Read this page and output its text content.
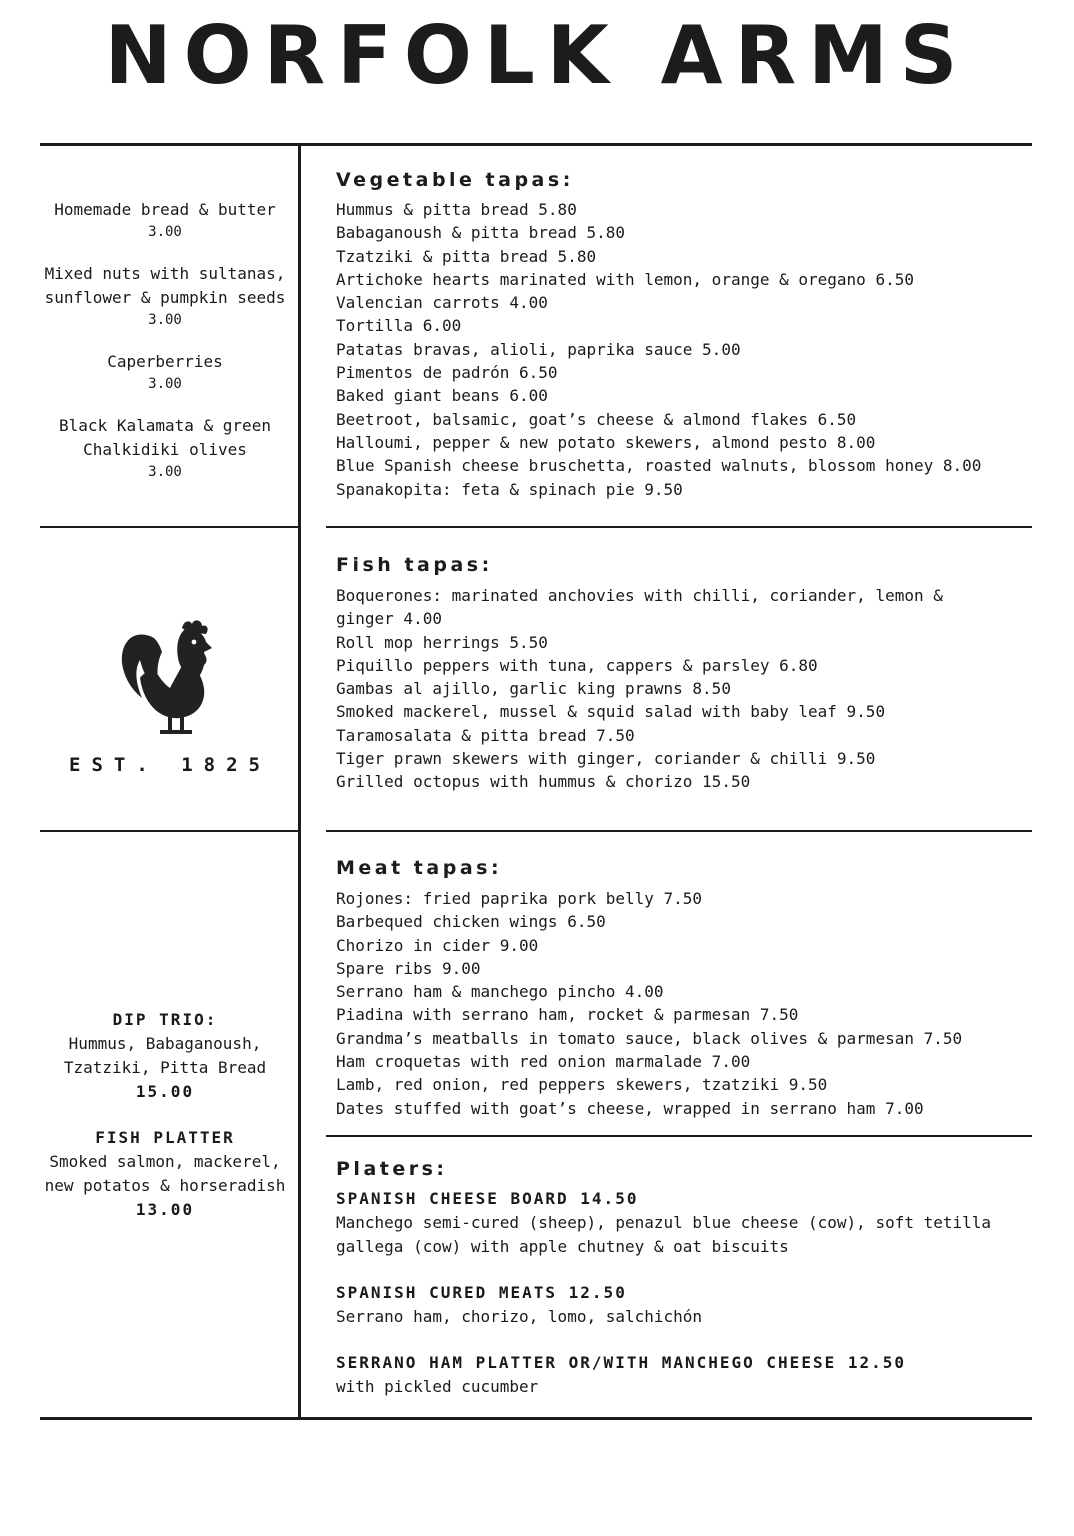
NORFOLK ARMS
Homemade bread & butter
3.00
Mixed nuts with sultanas, sunflower & pumpkin seeds
3.00
Caperberries
3.00
Black Kalamata & green Chalkidiki olives
3.00
EST. 1825
DIP TRIO:
Hummus, Babaganoush, Tzatziki, Pitta Bread
15.00
FISH PLATTER
Smoked salmon, mackerel, new potatos & horseradish
13.00
Vegetable tapas:
Hummus & pitta bread 5.80
Babaganoush & pitta bread 5.80
Tzatziki & pitta bread 5.80
Artichoke hearts marinated with lemon, orange & oregano 6.50
Valencian carrots 4.00
Tortilla 6.00
Patatas bravas, alioli, paprika sauce 5.00
Pimentos de padrón 6.50
Baked giant beans 6.00
Beetroot, balsamic, goat’s cheese & almond flakes 6.50
Halloumi, pepper & new potato skewers, almond pesto 8.00
Blue Spanish cheese bruschetta, roasted walnuts, blossom honey 8.00
Spanakopita: feta & spinach pie 9.50
Fish tapas:
Boquerones: marinated anchovies with chilli, coriander, lemon &
ginger 4.00
Roll mop herrings 5.50
Piquillo peppers with tuna, cappers & parsley 6.80
Gambas al ajillo, garlic king prawns 8.50
Smoked mackerel, mussel & squid salad with baby leaf 9.50
Taramosalata & pitta bread 7.50
Tiger prawn skewers with ginger, coriander & chilli 9.50
Grilled octopus with hummus & chorizo 15.50
Meat tapas:
Rojones: fried paprika pork belly 7.50
Barbequed chicken wings 6.50
Chorizo in cider 9.00
Spare ribs 9.00
Serrano ham & manchego pincho 4.00
Piadina with serrano ham, rocket & parmesan 7.50
Grandma’s meatballs in tomato sauce, black olives & parmesan 7.50
Ham croquetas with red onion marmalade 7.00
Lamb, red onion, red peppers skewers, tzatziki 9.50
Dates stuffed with goat’s cheese, wrapped in serrano ham 7.00
Platers:
SPANISH CHEESE BOARD 14.50
Manchego semi-cured (sheep), penazul blue cheese (cow), soft tetilla
gallega (cow) with apple chutney & oat biscuits
SPANISH CURED MEATS 12.50
Serrano ham, chorizo, lomo, salchichón
SERRANO HAM PLATTER OR/WITH MANCHEGO CHEESE 12.50
with pickled cucumber
